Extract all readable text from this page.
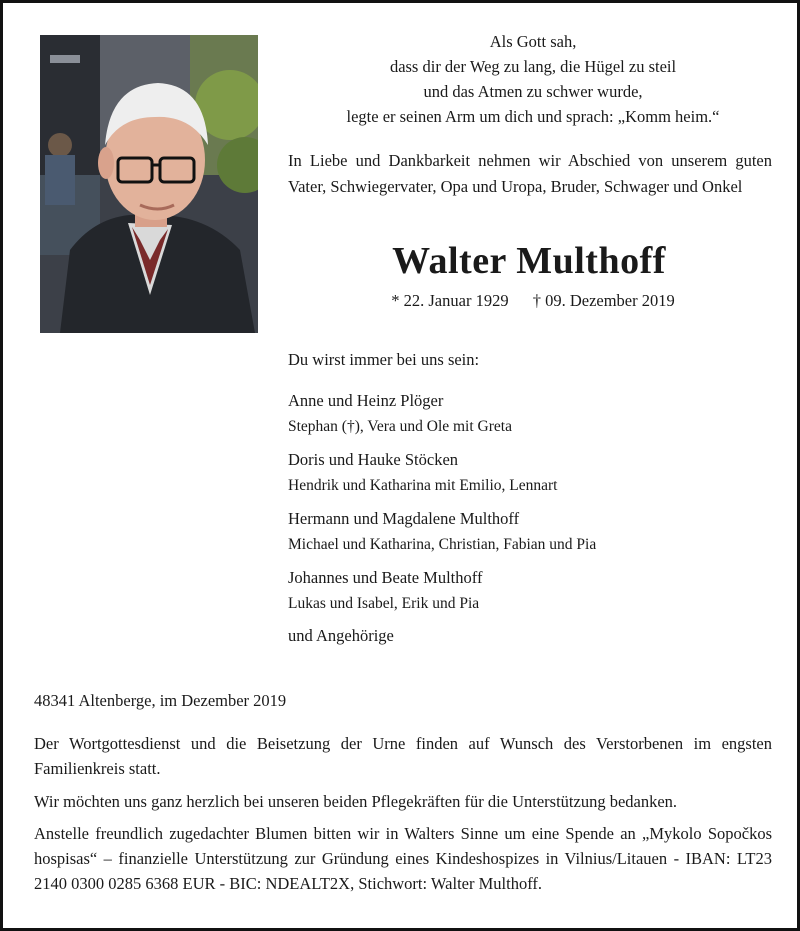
Als Gott sah,
dass dir der Weg zu lang, die Hügel zu steil
und das Atmen zu schwer wurde,
legte er seinen Arm um dich und sprach: „Komm heim.“
In Liebe und Dankbarkeit nehmen wir Abschied von unserem guten Vater, Schwiegervater, Opa und Uropa, Bruder, Schwager und Onkel
Walter Multhoff
* 22. Januar 1929 † 09. Dezember 2019
Du wirst immer bei uns sein:
Anne und Heinz Plöger
Stephan (†), Vera und Ole mit Greta
Doris und Hauke Stöcken
Hendrik und Katharina mit Emilio, Lennart
Hermann und Magdalene Multhoff
Michael und Katharina, Christian, Fabian und Pia
Johannes und Beate Multhoff
Lukas und Isabel, Erik und Pia
und Angehörige
48341 Altenberge, im Dezember 2019
Der Wortgottesdienst und die Beisetzung der Urne finden auf Wunsch des Verstorbenen im engsten Familienkreis statt.
Wir möchten uns ganz herzlich bei unseren beiden Pflegekräften für die Unterstützung bedanken.
Anstelle freundlich zugedachter Blumen bitten wir in Walters Sinne um eine Spende an „Mykolo Sopočkos hospisas“ – finanzielle Unterstützung zur Gründung eines Kindeshospizes in Vilnius/Litauen - IBAN: LT23 2140 0300 0285 6368 EUR - BIC: NDEALT2X, Stichwort: Walter Multhoff.
